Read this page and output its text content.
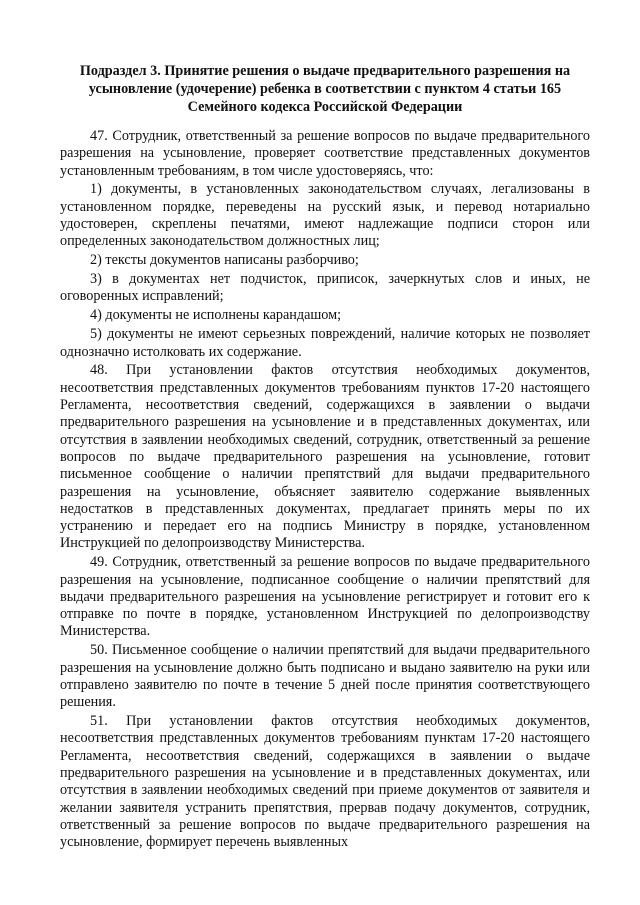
Подраздел 3. Принятие решения о выдаче предварительного разрешения на усыновление (удочерение) ребенка в соответствии с пунктом 4 статьи 165 Семейного кодекса Российской Федерации

47. Сотрудник, ответственный за решение вопросов по выдаче предварительного разрешения на усыновление, проверяет соответствие представленных документов установленным требованиям, в том числе удостоверяясь, что:

1) документы, в установленных законодательством случаях, легализованы в установленном порядке, переведены на русский язык, и перевод нотариально удостоверен, скреплены печатями, имеют надлежащие подписи сторон или определенных законодательством должностных лиц;

2) тексты документов написаны разборчиво;

3) в документах нет подчисток, приписок, зачеркнутых слов и иных, не оговоренных исправлений;

4) документы не исполнены карандашом;

5) документы не имеют серьезных повреждений, наличие которых не позволяет однозначно истолковать их содержание.

48. При установлении фактов отсутствия необходимых документов, несоответствия представленных документов требованиям пунктов 17-20 настоящего Регламента, несоответствия сведений, содержащихся в заявлении о выдачи предварительного разрешения на усыновление и в представленных документах, или отсутствия в заявлении необходимых сведений, сотрудник, ответственный за решение вопросов по выдаче предварительного разрешения на усыновление, готовит письменное сообщение о наличии препятствий для выдачи предварительного разрешения на усыновление, объясняет заявителю содержание выявленных недостатков в представленных документах, предлагает принять меры по их устранению и передает его на подпись Министру в порядке, установленном Инструкцией по делопроизводству Министерства.

49. Сотрудник, ответственный за решение вопросов по выдаче предварительного разрешения на усыновление, подписанное сообщение о наличии препятствий для выдачи предварительного разрешения на усыновление регистрирует и готовит его к отправке по почте в порядке, установленном Инструкцией по делопроизводству Министерства.

50. Письменное сообщение о наличии препятствий для выдачи предварительного разрешения на усыновление должно быть подписано и выдано заявителю на руки или отправлено заявителю по почте в течение 5 дней после принятия соответствующего решения.

51. При установлении фактов отсутствия необходимых документов, несоответствия представленных документов требованиям пунктам 17-20 настоящего Регламента, несоответствия сведений, содержащихся в заявлении о выдаче предварительного разрешения на усыновление и в представленных документах, или отсутствия в заявлении необходимых сведений при приеме документов от заявителя и желании заявителя устранить препятствия, прервав подачу документов, сотрудник, ответственный за решение вопросов по выдаче предварительного разрешения на усыновление, формирует перечень выявленных
